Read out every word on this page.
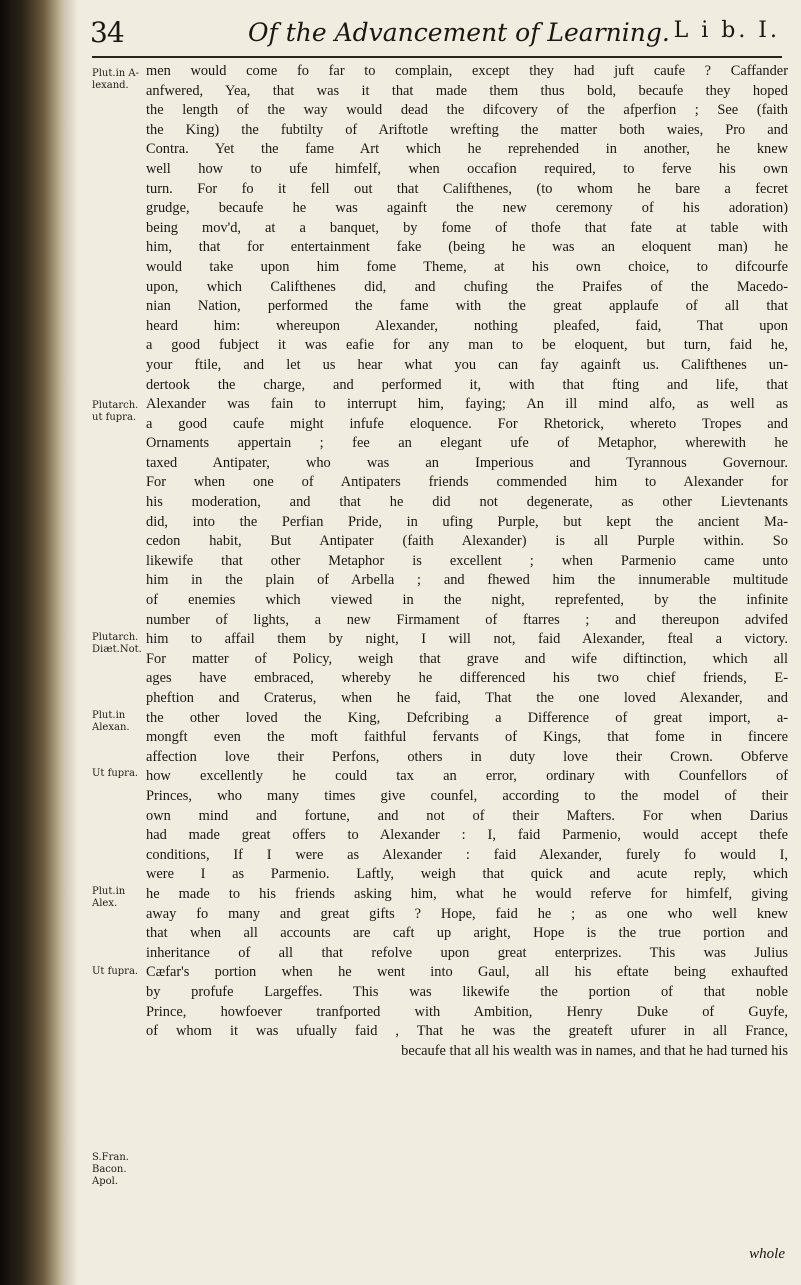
34	Of the Advancement of Learning. L i b. I.
Plut.in A-
lexand.
Plutarch.
ut fupra.
Plutarch.
Diæt.Not.
Plut.in
Alexan.
Ut fupra.
Plut.in
Alex.
Ut fupra.
S.Fran.
Bacon.
Apol.
men would come fo far to complain, except they had juft caufe ? Caffander
anfwered, Yea, that was it that made them thus bold, becaufe they hoped
the length of the way would dead the difcovery of the afperfion ; See (faith
the King) the fubtilty of Ariftotle wrefting the matter both waies, Pro and
Contra. Yet the fame Art which he reprehended in another, he knew
well how to ufe himfelf, when occafion required, to ferve his own
turn. For fo it fell out that Califthenes, (to whom he bare a fecret
grudge, becaufe he was againft the new ceremony of his adoration)
being mov'd, at a banquet, by fome of thofe that fate at table with
him, that for entertainment fake (being he was an eloquent man) he
would take upon him fome Theme, at his own choice, to difcourfe
upon, which Califthenes did, and chufing the Praifes of the Macedo-
nian Nation, performed the fame with the great applaufe of all that
heard him: whereupon Alexander, nothing pleafed, faid, That upon
a good fubject it was eafie for any man to be eloquent, but turn, faid he,
your ftile, and let us hear what you can fay againft us. Califthenes un-
dertook the charge, and performed it, with that fting and life, that
Alexander was fain to interrupt him, faying; An ill mind alfo, as well as
a good caufe might infufe eloquence. For Rhetorick, whereto Tropes and
Ornaments appertain ; fee an elegant ufe of Metaphor, wherewith he
taxed Antipater, who was an Imperious and Tyrannous Governour.
For when one of Antipaters friends commended him to Alexander for
his moderation, and that he did not degenerate, as other Lievtenants
did, into the Perfian Pride, in ufing Purple, but kept the ancient Ma-
cedon habit, But Antipater (faith Alexander) is all Purple within. So
likewife that other Metaphor is excellent ; when Parmenio came unto
him in the plain of Arbella ; and fhewed him the innumerable multitude
of enemies which viewed in the night, reprefented, by the infinite
number of lights, a new Firmament of ftarres ; and thereupon advifed
him to affail them by night, I will not, faid Alexander, fteal a victory.
For matter of Policy, weigh that grave and wife diftinction, which all
ages have embraced, whereby he differenced his two chief friends, E-
pheftion and Craterus, when he faid, That the one loved Alexander, and
the other loved the King, Defcribing a Difference of great import, a-
mongft even the moft faithful fervants of Kings, that fome in fincere
affection love their Perfons, others in duty love their Crown. Obferve
how excellently he could tax an error, ordinary with Counfellors of
Princes, who many times give counfel, according to the model of their
own mind and fortune, and not of their Mafters. For when Darius
had made great offers to Alexander : I, faid Parmenio, would accept thefe
conditions, If I were as Alexander : faid Alexander, furely fo would I,
were I as Parmenio. Laftly, weigh that quick and acute reply, which
he made to his friends asking him, what he would referve for himfelf, giving
away fo many and great gifts ? Hope, faid he ; as one who well knew
that when all accounts are caft up aright, Hope is the true portion and
inheritance of all that refolve upon great enterprizes. This was Julius
Cæfar's portion when he went into Gaul, all his eftate being exhaufted
by profufe Largeffes. This was likewife the portion of that noble
Prince, howfoever tranfported with Ambition, Henry Duke of Guyfe,
of whom it was ufually faid , That he was the greateft ufurer in all France,
becaufe that all his wealth was in names, and that he had turned his
whole
